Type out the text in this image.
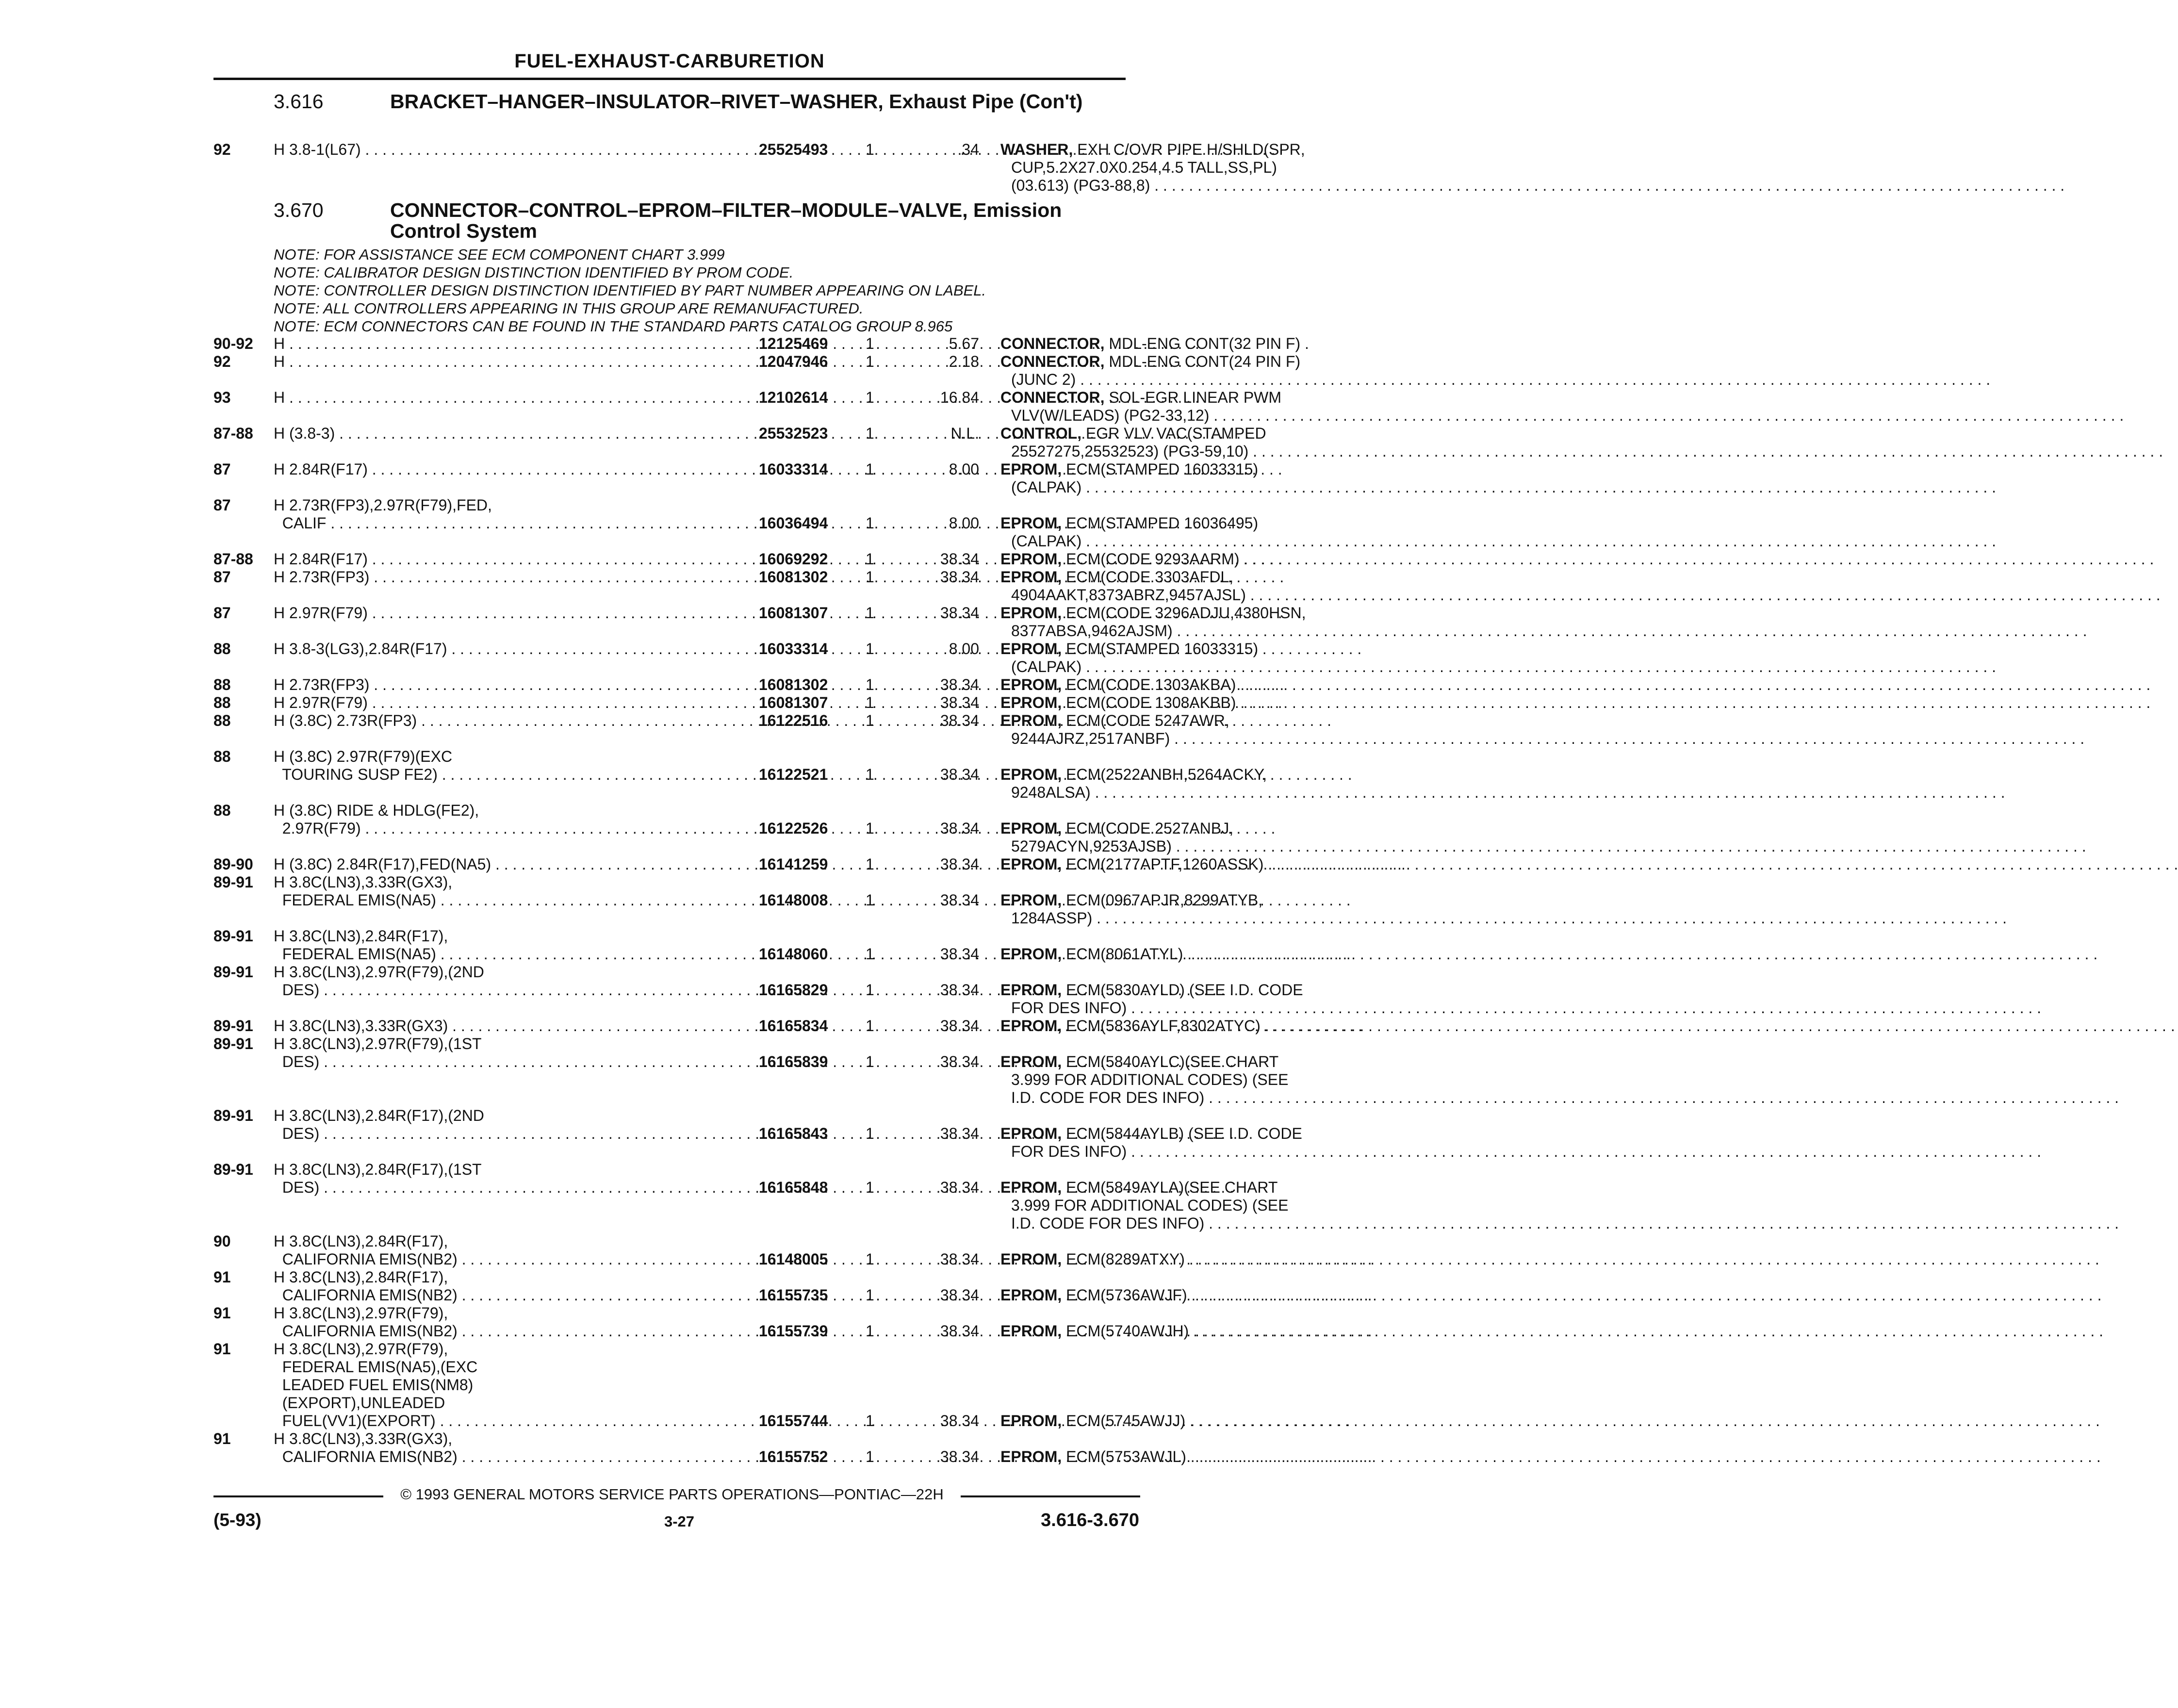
FUEL-EXHAUST-CARBURETION
3.616	BRACKET–HANGER–INSULATOR–RIVET–WASHER, Exhaust Pipe (Con't)
92	H 3.8-1(L67) . . .	25525493	1	.34 WASHER, EXH C/OVR PIPE H/SHLD(SPR,
CUP,5.2X27.0X0.254,4.5 TALL,SS,PL)
(03.613) (PG3-88,8) . . .
3.670	CONNECTOR–CONTROL–EPROM–FILTER–MODULE–VALVE, Emission Control System
NOTE: FOR ASSISTANCE SEE ECM COMPONENT CHART 3.999
NOTE: CALIBRATOR DESIGN DISTINCTION IDENTIFIED BY PROM CODE.
NOTE: CONTROLLER DESIGN DISTINCTION IDENTIFIED BY PART NUMBER APPEARING ON LABEL.
NOTE: ALL CONTROLLERS APPEARING IN THIS GROUP ARE REMANUFACTURED.
NOTE: ECM CONNECTORS CAN BE FOUND IN THE STANDARD PARTS CATALOG GROUP 8.965
90-92	H . . .	12125469	1	5.67 CONNECTOR, MDL-ENG CONT(32 PIN F) .
92	H . . .	12047946	1	2.18 CONNECTOR, MDL-ENG CONT(24 PIN F)
(JUNC 2) . . .
93	H . . .	12102614	1	16.84 CONNECTOR, SOL-EGR LINEAR PWM
VLV(W/LEADS) (PG2-33,12) . . .
87-88	H (3.8-3) . . .	25532523	1	N.L. CONTROL, EGR VLV VAC(STAMPED
25527275,25532523) (PG3-59,10) . . .
87	H 2.84R(F17) . . .	16033314	1	8.00 EPROM, ECM(STAMPED 16033315)
(CALPAK) . . .
87	H 2.73R(FP3),2.97R(F79),FED,
CALIF . . .	16036494	1	8.00 EPROM, ECM(STAMPED 16036495)
(CALPAK) . . .
87-88	H 2.84R(F17) . . .	16069292	1	38.34 EPROM, ECM(CODE 9293AARM) . . .
87	H 2.73R(FP3) . . .	16081302	1	38.34 EPROM, ECM(CODE 3303AFDL,
4904AAKT,8373ABRZ,9457AJSL) . . .
87	H 2.97R(F79) . . .	16081307	1	38.34 EPROM, ECM(CODE 3296ADJU,4380HSN,
8377ABSA,9462AJSM) . . .
88	H 3.8-3(LG3),2.84R(F17) . . .	16033314	1	8.00 EPROM, ECM(STAMPED 16033315)
(CALPAK) . . .
88	H 2.73R(FP3) . . .	16081302	1	38.34 EPROM, ECM(CODE 1303AKBA) . . .
88	H 2.97R(F79) . . .	16081307	1	38.34 EPROM, ECM(CODE 1308AKBB) . . .
88	H (3.8C) 2.73R(FP3) . . .	16122516	1	38.34 EPROM, ECM(CODE 5247AWR,
9244AJRZ,2517ANBF) . . .
88	H (3.8C) 2.97R(F79)(EXC
TOURING SUSP FE2) . . .	16122521	1	38.34 EPROM, ECM(2522ANBH,5264ACKY,
9248ALSA) . . .
88	H (3.8C) RIDE & HDLG(FE2),
2.97R(F79) . . .	16122526	1	38.34 EPROM, ECM(CODE 2527ANBJ,
5279ACYN,9253AJSB) . . .
89-90	H (3.8C) 2.84R(F17),FED(NA5) . . .	16141259	1	38.34 EPROM, ECM(2177APTF,1260ASSK) . . .
89-91	H 3.8C(LN3),3.33R(GX3),
FEDERAL EMIS(NA5) . . .	16148008	1	38.34 EPROM, ECM(0967APJR,8299ATYB,
1284ASSP) . . .
89-91	H 3.8C(LN3),2.84R(F17),
FEDERAL EMIS(NA5) . . .	16148060	1	38.34 EPROM, ECM(8061ATYL) . . .
89-91	H 3.8C(LN3),2.97R(F79),(2ND
DES) . . .	16165829	1	38.34 EPROM, ECM(5830AYLD) (SEE I.D. CODE
FOR DES INFO) . . .
89-91	H 3.8C(LN3),3.33R(GX3) . . .	16165834	1	38.34 EPROM, ECM(5836AYLF,8302ATYC) . . .
89-91	H 3.8C(LN3),2.97R(F79),(1ST
DES) . . .	16165839	1	38.34 EPROM, ECM(5840AYLC)(SEE CHART
3.999 FOR ADDITIONAL CODES) (SEE
I.D. CODE FOR DES INFO) . . .
89-91	H 3.8C(LN3),2.84R(F17),(2ND
DES) . . .	16165843	1	38.34 EPROM, ECM(5844AYLB) (SEE I.D. CODE
FOR DES INFO) . . .
89-91	H 3.8C(LN3),2.84R(F17),(1ST
DES) . . .	16165848	1	38.34 EPROM, ECM(5849AYLA)(SEE CHART
3.999 FOR ADDITIONAL CODES) (SEE
I.D. CODE FOR DES INFO) . . .
90	H 3.8C(LN3),2.84R(F17),
CALIFORNIA EMIS(NB2) . . .	16148005	1	38.34 EPROM, ECM(8289ATXY) . . .
91	H 3.8C(LN3),2.84R(F17),
CALIFORNIA EMIS(NB2) . . .	16155735	1	38.34 EPROM, ECM(5736AWJF) . . .
91	H 3.8C(LN3),2.97R(F79),
CALIFORNIA EMIS(NB2) . . .	16155739	1	38.34 EPROM, ECM(5740AWJH) . . .
91	H 3.8C(LN3),2.97R(F79),
FEDERAL EMIS(NA5),(EXC
LEADED FUEL EMIS(NM8)
(EXPORT),UNLEADED
FUEL(VV1)(EXPORT) . . .	16155744	1	38.34 EPROM, ECM(5745AWJJ) . . .
91	H 3.8C(LN3),3.33R(GX3),
CALIFORNIA EMIS(NB2) . . .	16155752	1	38.34 EPROM, ECM(5753AWJL) . . .
© 1993 GENERAL MOTORS SERVICE PARTS OPERATIONS—PONTIAC—22H
(5-93)	3-27	3.616-3.670
